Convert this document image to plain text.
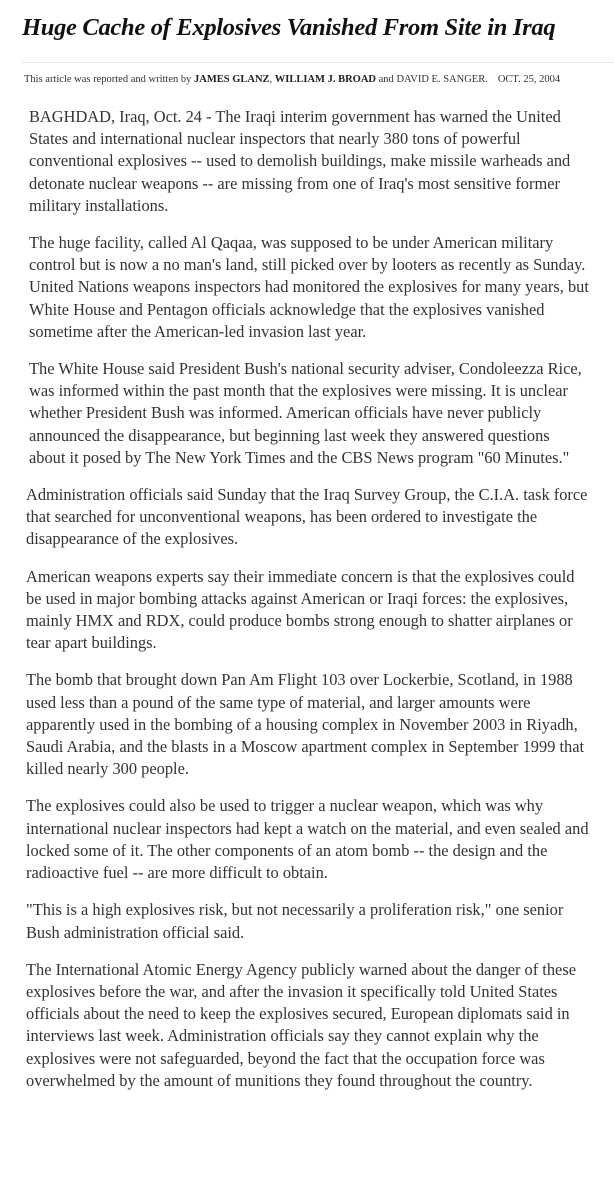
Huge Cache of Explosives Vanished From Site in Iraq
This article was reported and written by JAMES GLANZ, WILLIAM J. BROAD and DAVID E. SANGER. OCT. 25, 2004

BAGHDAD, Iraq, Oct. 24 - The Iraqi interim government has warned the United States and international nuclear inspectors that nearly 380 tons of powerful conventional explosives -- used to demolish buildings, make missile warheads and detonate nuclear weapons -- are missing from one of Iraq's most sensitive former military installations.

The huge facility, called Al Qaqaa, was supposed to be under American military control but is now a no man's land, still picked over by looters as recently as Sunday. United Nations weapons inspectors had monitored the explosives for many years, but White House and Pentagon officials acknowledge that the explosives vanished sometime after the American-led invasion last year.

The White House said President Bush's national security adviser, Condoleezza Rice, was informed within the past month that the explosives were missing. It is unclear whether President Bush was informed. American officials have never publicly announced the disappearance, but beginning last week they answered questions about it posed by The New York Times and the CBS News program "60 Minutes."

Administration officials said Sunday that the Iraq Survey Group, the C.I.A. task force that searched for unconventional weapons, has been ordered to investigate the disappearance of the explosives.

American weapons experts say their immediate concern is that the explosives could be used in major bombing attacks against American or Iraqi forces: the explosives, mainly HMX and RDX, could produce bombs strong enough to shatter airplanes or tear apart buildings.

The bomb that brought down Pan Am Flight 103 over Lockerbie, Scotland, in 1988 used less than a pound of the same type of material, and larger amounts were apparently used in the bombing of a housing complex in November 2003 in Riyadh, Saudi Arabia, and the blasts in a Moscow apartment complex in September 1999 that killed nearly 300 people.

The explosives could also be used to trigger a nuclear weapon, which was why international nuclear inspectors had kept a watch on the material, and even sealed and locked some of it. The other components of an atom bomb -- the design and the radioactive fuel -- are more difficult to obtain.

"This is a high explosives risk, but not necessarily a proliferation risk," one senior Bush administration official said.

The International Atomic Energy Agency publicly warned about the danger of these explosives before the war, and after the invasion it specifically told United States officials about the need to keep the explosives secured, European diplomats said in interviews last week. Administration officials say they cannot explain why the explosives were not safeguarded, beyond the fact that the occupation force was overwhelmed by the amount of munitions they found throughout the country.
